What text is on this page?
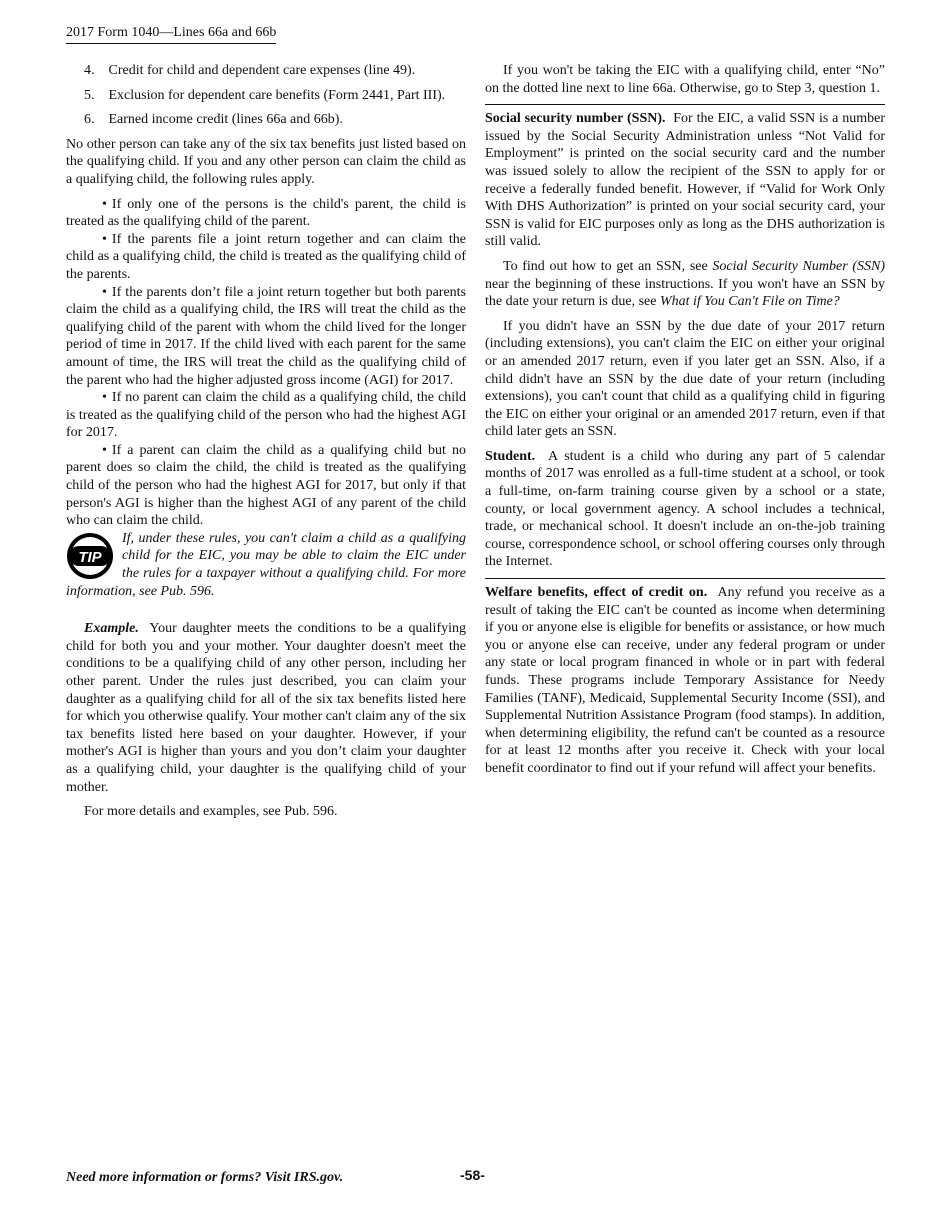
2017 Form 1040—Lines 66a and 66b
4. Credit for child and dependent care expenses (line 49).
5. Exclusion for dependent care benefits (Form 2441, Part III).
6. Earned income credit (lines 66a and 66b).

No other person can take any of the six tax benefits just listed based on the qualifying child. If you and any other person can claim the child as a qualifying child, the following rules apply.

• If only one of the persons is the child's parent, the child is treated as the qualifying child of the parent.
• If the parents file a joint return together and can claim the child as a qualifying child, the child is treated as the qualifying child of the parents.
• If the parents don’t file a joint return together but both parents claim the child as a qualifying child, the IRS will treat the child as the qualifying child of the parent with whom the child lived for the longer period of time in 2017. If the child lived with each parent for the same amount of time, the IRS will treat the child as the qualifying child of the parent who had the higher adjusted gross income (AGI) for 2017.
• If no parent can claim the child as a qualifying child, the child is treated as the qualifying child of the person who had the highest AGI for 2017.
• If a parent can claim the child as a qualifying child but no parent does so claim the child, the child is treated as the qualifying child of the person who had the highest AGI for 2017, but only if that person's AGI is higher than the highest AGI of any parent of the child who can claim the child.
TIP
If, under these rules, you can't claim a child as a qualifying child for the EIC, you may be able to claim the EIC under the rules for a taxpayer without a qualifying child. For more information, see Pub. 596.

Example. Your daughter meets the conditions to be a qualifying child for both you and your mother. Your daughter doesn't meet the conditions to be a qualifying child of any other person, including her other parent. Under the rules just described, you can claim your daughter as a qualifying child for all of the six tax benefits listed here for which you otherwise qualify. Your mother can't claim any of the six tax benefits listed here based on your daughter. However, if your mother's AGI is higher than yours and you don’t claim your daughter as a qualifying child, your daughter is the qualifying child of your mother.

For more details and examples, see Pub. 596.

If you won't be taking the EIC with a qualifying child, enter “No” on the dotted line next to line 66a. Otherwise, go to Step 3, question 1.

Social security number (SSN). For the EIC, a valid SSN is a number issued by the Social Security Administration unless “Not Valid for Employment” is printed on the social security card and the number was issued solely to allow the recipient of the SSN to apply for or receive a federally funded benefit. However, if “Valid for Work Only With DHS Authorization” is printed on your social security card, your SSN is valid for EIC purposes only as long as the DHS authorization is still valid.

To find out how to get an SSN, see Social Security Number (SSN) near the beginning of these instructions. If you won't have an SSN by the date your return is due, see What if You Can't File on Time?

If you didn't have an SSN by the due date of your 2017 return (including extensions), you can't claim the EIC on either your original or an amended 2017 return, even if you later get an SSN. Also, if a child didn't have an SSN by the due date of your return (including extensions), you can't count that child as a qualifying child in figuring the EIC on either your original or an amended 2017 return, even if that child later gets an SSN.

Student. A student is a child who during any part of 5 calendar months of 2017 was enrolled as a full-time student at a school, or took a full-time, on-farm training course given by a school or a state, county, or local government agency. A school includes a technical, trade, or mechanical school. It doesn't include an on-the-job training course, correspondence school, or school offering courses only through the Internet.

Welfare benefits, effect of credit on. Any refund you receive as a result of taking the EIC can't be counted as income when determining if you or anyone else is eligible for benefits or assistance, or how much you or anyone else can receive, under any federal program or under any state or local program financed in whole or in part with federal funds. These programs include Temporary Assistance for Needy Families (TANF), Medicaid, Supplemental Security Income (SSI), and Supplemental Nutrition Assistance Program (food stamps). In addition, when determining eligibility, the refund can't be counted as a resource for at least 12 months after you receive it. Check with your local benefit coordinator to find out if your refund will affect your benefits.

Need more information or forms? Visit IRS.gov.	-58-
